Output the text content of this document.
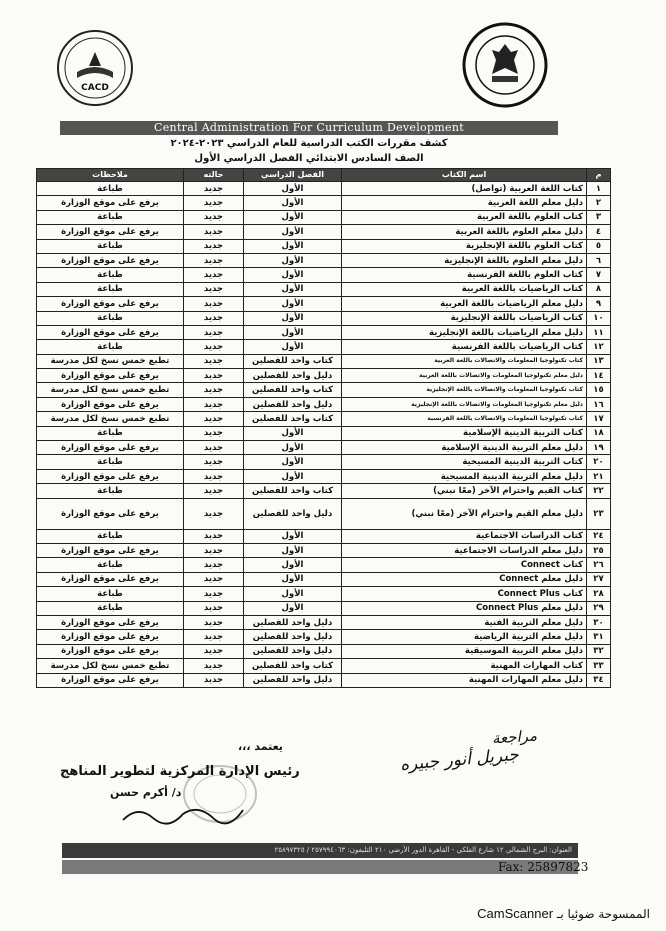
CACD
Central Administration For Curriculum Development
كشف مقررات الكتب الدراسية للعام الدراسي ٢٠٢٣-٢٠٢٤
الصف السادس الابتدائي الفصل الدراسي الأول
م	اسم الكتاب	الفصل الدراسي	حالته	ملاحظات
١	كتاب اللغة العربية (تواصل)	الأول	جديد	طباعة
٢	دليل معلم اللغة العربية	الأول	جديد	يرفع على موقع الوزارة
٣	كتاب العلوم باللغة العربية	الأول	جديد	طباعة
٤	دليل معلم العلوم باللغة العربية	الأول	جديد	يرفع على موقع الوزارة
٥	كتاب العلوم باللغة الإنجليزية	الأول	جديد	طباعة
٦	دليل معلم العلوم باللغة الإنجليزية	الأول	جديد	يرفع على موقع الوزارة
٧	كتاب العلوم باللغة الفرنسية	الأول	جديد	طباعة
٨	كتاب الرياضيات باللغة العربية	الأول	جديد	طباعة
٩	دليل معلم الرياضيات باللغة العربية	الأول	جديد	يرفع على موقع الوزارة
١٠	كتاب الرياضيات باللغة الإنجليزية	الأول	جديد	طباعة
١١	دليل معلم الرياضيات باللغة الإنجليزية	الأول	جديد	يرفع على موقع الوزارة
١٢	كتاب الرياضيات باللغة الفرنسية	الأول	جديد	طباعة
١٣	كتاب تكنولوجيا المعلومات والاتصالات باللغة العربية	كتاب واحد للفصلين	جديد	تطبع خمس نسخ لكل مدرسة
١٤	دليل معلم تكنولوجيا المعلومات والاتصالات باللغة العربية	دليل واحد للفصلين	جديد	يرفع على موقع الوزارة
١٥	كتاب تكنولوجيا المعلومات والاتصالات باللغة الإنجليزية	كتاب واحد للفصلين	جديد	تطبع خمس نسخ لكل مدرسة
١٦	دليل معلم تكنولوجيا المعلومات والاتصالات باللغة الإنجليزية	دليل واحد للفصلين	جديد	يرفع على موقع الوزارة
١٧	كتاب تكنولوجيا المعلومات والاتصالات باللغة الفرنسية	كتاب واحد للفصلين	جديد	تطبع خمس نسخ لكل مدرسة
١٨	كتاب التربية الدينية الإسلامية	الأول	جديد	طباعة
١٩	دليل معلم التربية الدينية الإسلامية	الأول	جديد	يرفع على موقع الوزارة
٢٠	كتاب التربية الدينية المسيحية	الأول	جديد	طباعة
٢١	دليل معلم التربية الدينية المسيحية	الأول	جديد	يرفع على موقع الوزارة
٢٢	كتاب القيم واحترام الآخر (معًا نبني)	كتاب واحد للفصلين	جديد	طباعة
٢٣	دليل معلم القيم واحترام الآخر (معًا نبني)	دليل واحد للفصلين	جديد	يرفع على موقع الوزارة
٢٤	كتاب الدراسات الاجتماعية	الأول	جديد	طباعة
٢٥	دليل معلم الدراسات الاجتماعية	الأول	جديد	يرفع على موقع الوزارة
٢٦	كتاب Connect	الأول	جديد	طباعة
٢٧	دليل معلم Connect	الأول	جديد	يرفع على موقع الوزارة
٢٨	كتاب Connect Plus	الأول	جديد	طباعة
٢٩	دليل معلم Connect Plus	الأول	جديد	طباعة
٣٠	دليل معلم التربية الفنية	دليل واحد للفصلين	جديد	يرفع على موقع الوزارة
٣١	دليل معلم التربية الرياضية	دليل واحد للفصلين	جديد	يرفع على موقع الوزارة
٣٢	دليل معلم التربية الموسيقية	دليل واحد للفصلين	جديد	يرفع على موقع الوزارة
٣٣	كتاب المهارات المهنية	كتاب واحد للفصلين	جديد	تطبع خمس نسخ لكل مدرسة
٣٤	دليل معلم المهارات المهنية	دليل واحد للفصلين	جديد	يرفع على موقع الوزارة
مراجعة
جبريل أنور جبيره
يعتمد ،،،
رئيس الإدارة المركزية لتطوير المناهج
د/ أكرم حسن
العنوان: البرج الشمالي ١٢ شارع الفلكي - القاهرة الدور الأرضي ٢١٠ التليفون: ٢٥٧٩٩٤٠٦٣ / ٢٥٨٩٧٣٢٥
Fax: 25897823
الممسوحة ضوئيا بـ CamScanner
